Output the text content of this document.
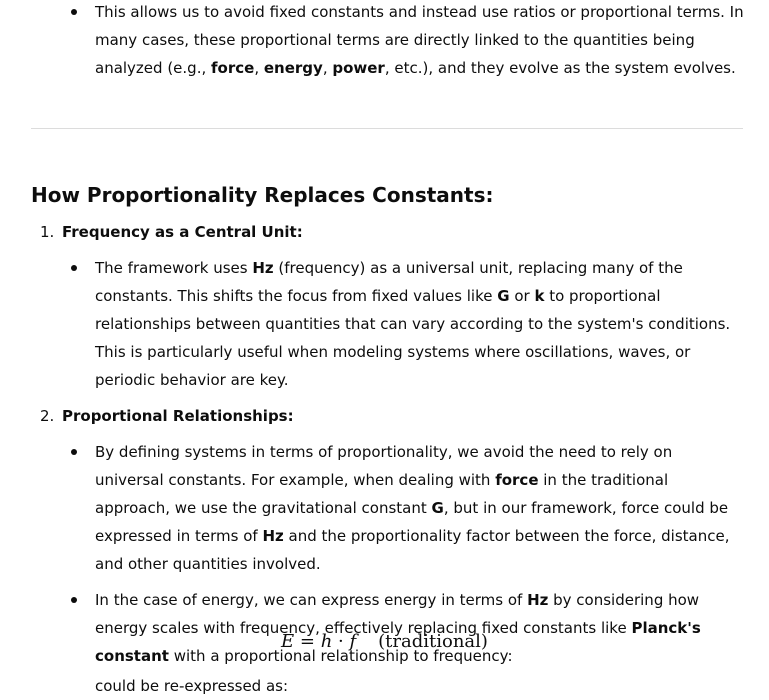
This allows us to avoid fixed constants and instead use ratios or proportional terms. In many cases, these proportional terms are directly linked to the quantities being analyzed (e.g., force, energy, power, etc.), and they evolve as the system evolves.
How Proportionality Replaces Constants:
1. Frequency as a Central Unit:
The framework uses Hz (frequency) as a universal unit, replacing many of the constants. This shifts the focus from fixed values like G or k to proportional relationships between quantities that can vary according to the system's conditions. This is particularly useful when modeling systems where oscillations, waves, or periodic behavior are key.
2. Proportional Relationships:
By defining systems in terms of proportionality, we avoid the need to rely on universal constants. For example, when dealing with force in the traditional approach, we use the gravitational constant G, but in our framework, force could be expressed in terms of Hz and the proportionality factor between the force, distance, and other quantities involved.
In the case of energy, we can express energy in terms of Hz by considering how energy scales with frequency, effectively replacing fixed constants like Planck's constant with a proportional relationship to frequency:
E = h · f (traditional)
could be re-expressed as:
